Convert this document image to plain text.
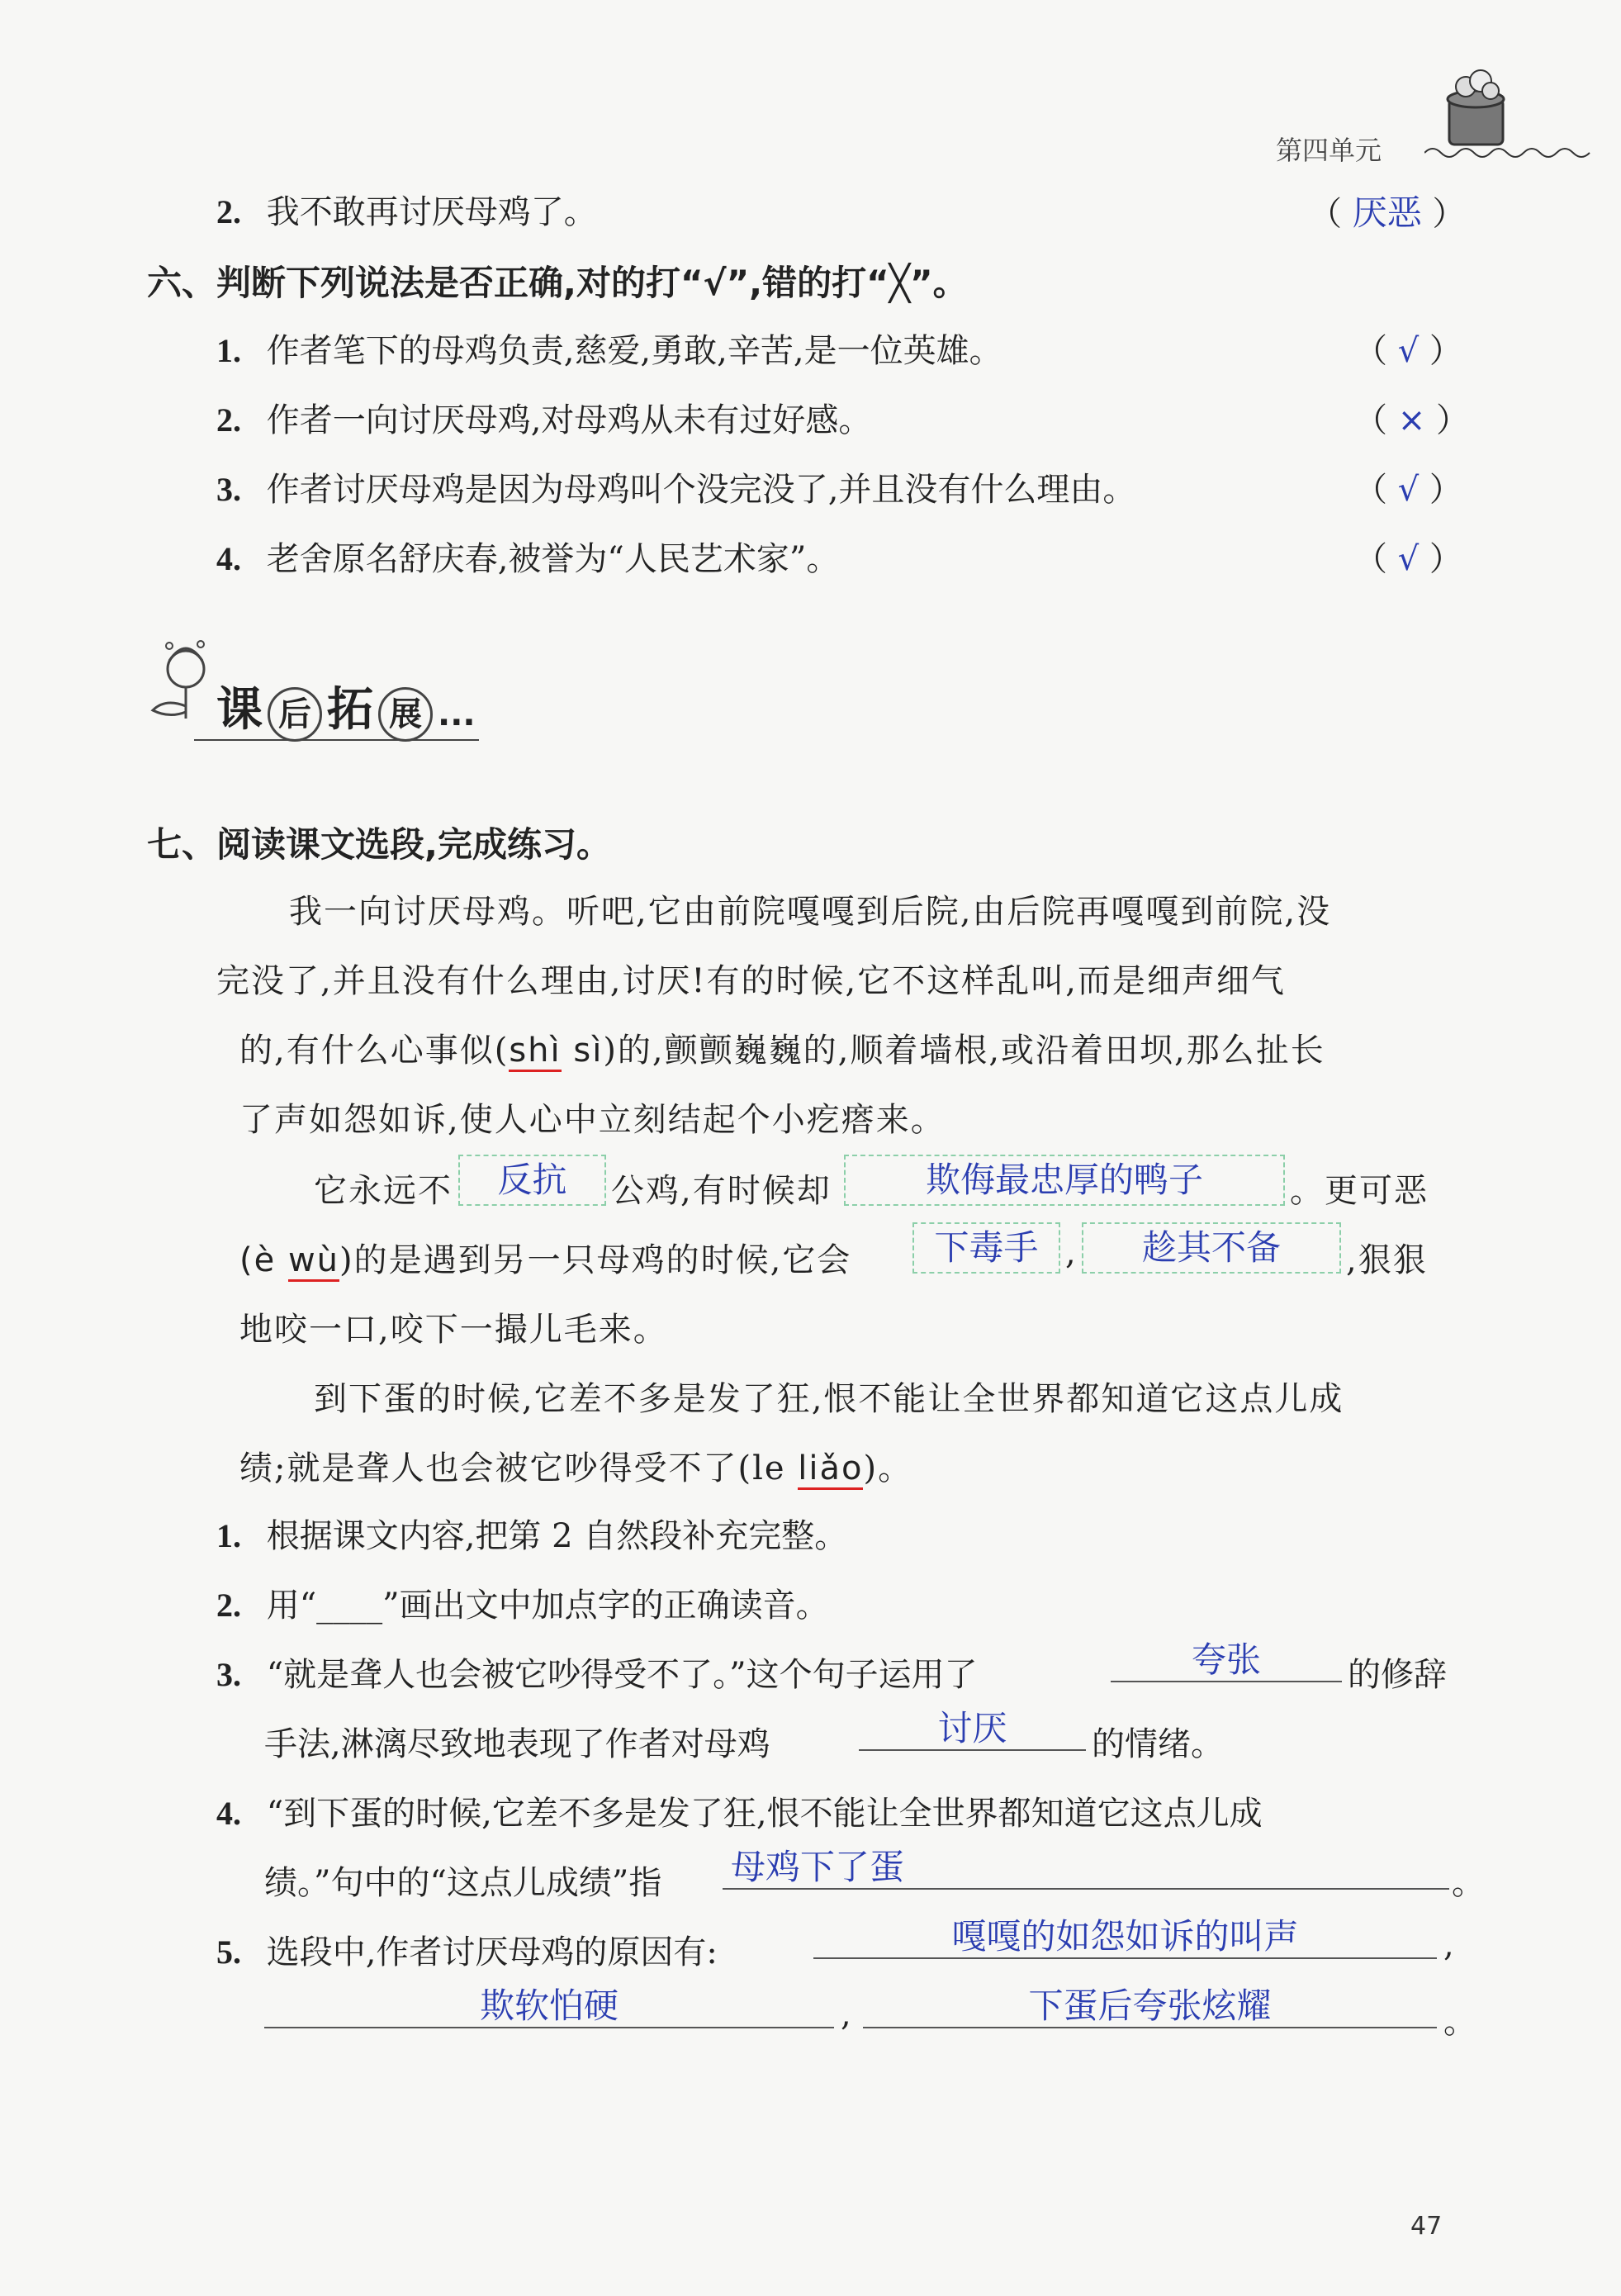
第四单元
2. 我不敢再讨厌母鸡了。	（ 厌恶 ）
六、判断下列说法是否正确,对的打“√”,错的打“╳”。
1. 作者笔下的母鸡负责,慈爱,勇敢,辛苦,是一位英雄。	（ √ ）
2. 作者一向讨厌母鸡,对母鸡从未有过好感。	（ × ）
3. 作者讨厌母鸡是因为母鸡叫个没完没了,并且没有什么理由。	（ √ ）
4. 老舍原名舒庆春,被誉为“人民艺术家”。	（ √ ）
课 后 拓 展 ...
七、阅读课文选段,完成练习。
我一向讨厌母鸡。听吧,它由前院嘎嘎到后院,由后院再嘎嘎到前院,没
完没了,并且没有什么理由,讨厌!有的时候,它不这样乱叫,而是细声细气
的,有什么心事似(shì sì)的,颤颤巍巍的,顺着墙根,或沿着田坝,那么扯长
了声如怨如诉,使人心中立刻结起个小疙瘩来。
它永远不	反抗	公鸡,有时候却	欺侮最忠厚的鸭子	。更可恶
(è wù)的是遇到另一只母鸡的时候,它会	下毒手 ,	趁其不备	,狠狠
地咬一口,咬下一撮儿毛来。
到下蛋的时候,它差不多是发了狂,恨不能让全世界都知道它这点儿成
绩;就是聋人也会被它吵得受不了(le liǎo)。
1. 根据课文内容,把第 2 自然段补充完整。
2. 用“____”画出文中加点字的正确读音。
3. “就是聋人也会被它吵得受不了。”这个句子运用了	夸张	的修辞
手法,淋漓尽致地表现了作者对母鸡	讨厌	的情绪。
4. “到下蛋的时候,它差不多是发了狂,恨不能让全世界都知道它这点儿成
绩。”句中的“这点儿成绩”指 母鸡下了蛋	。
5. 选段中,作者讨厌母鸡的原因有:	嘎嘎的如怨如诉的叫声	,
欺软怕硬	,	下蛋后夸张炫耀	。
47
